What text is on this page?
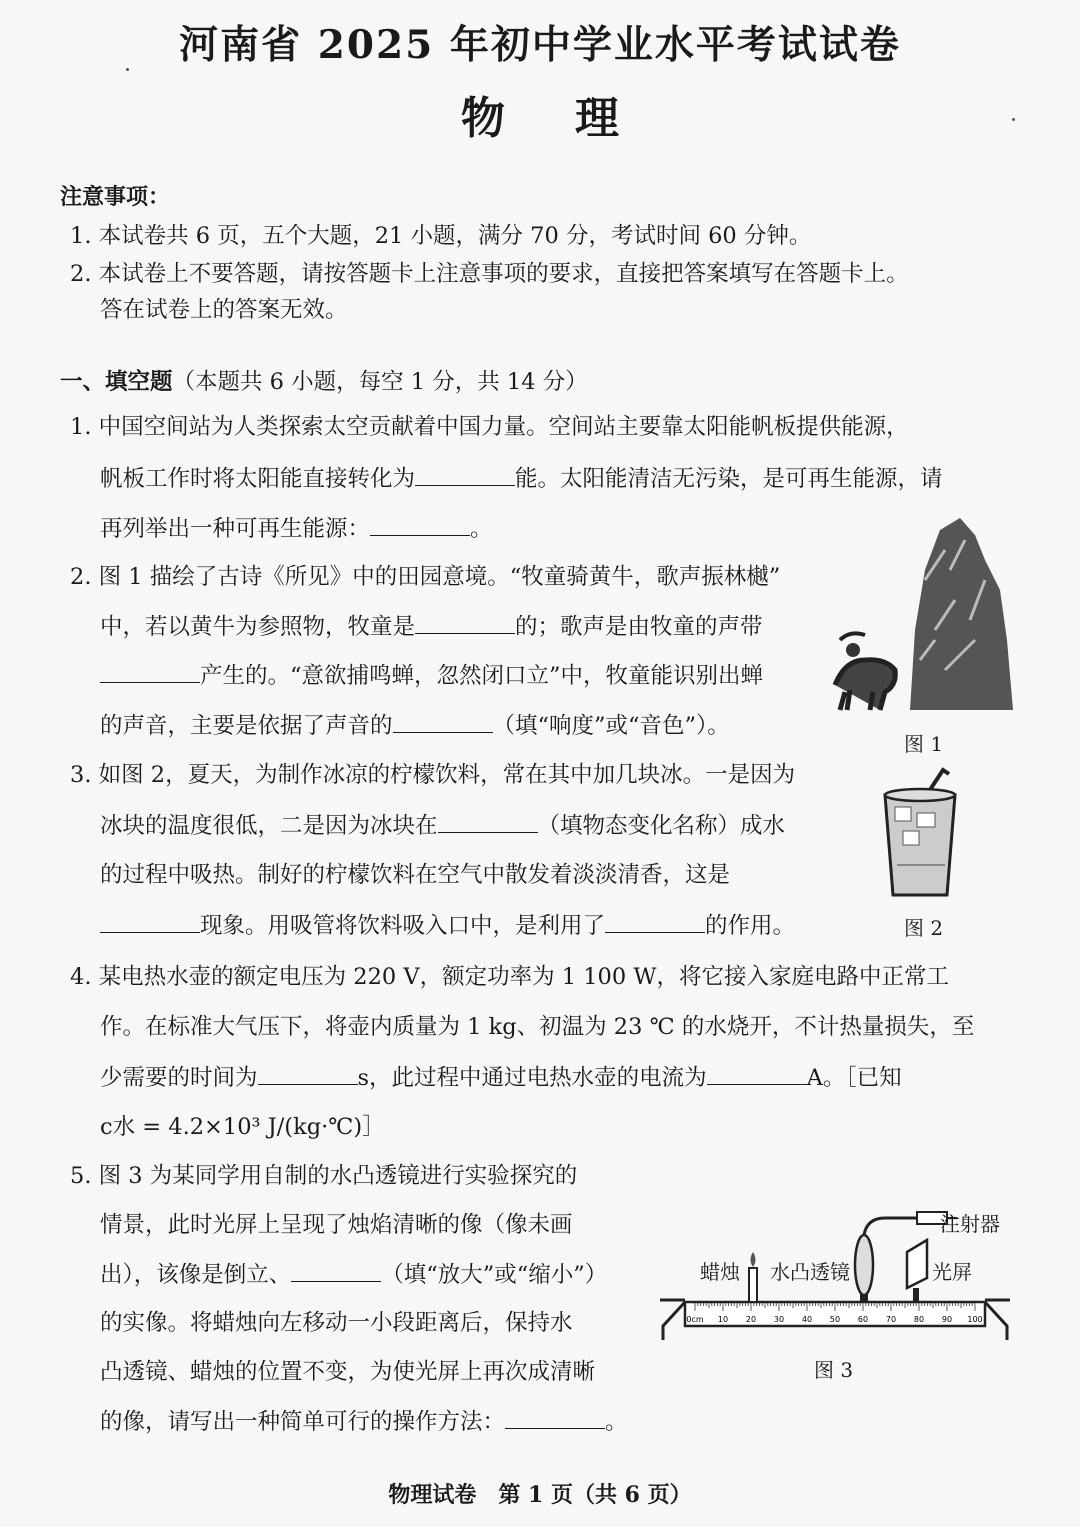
河南省 2025 年初中学业水平考试试卷
物理
注意事项：
1. 本试卷共 6 页，五个大题，21 小题，满分 70 分，考试时间 60 分钟。
2. 本试卷上不要答题，请按答题卡上注意事项的要求，直接把答案填写在答题卡上。
答在试卷上的答案无效。
一、填空题（本题共 6 小题，每空 1 分，共 14 分）
1. 中国空间站为人类探索太空贡献着中国力量。空间站主要靠太阳能帆板提供能源，
帆板工作时将太阳能直接转化为	能。太阳能清洁无污染，是可再生能源，请
再列举出一种可再生能源：	。
2. 图 1 描绘了古诗《所见》中的田园意境。“牧童骑黄牛，歌声振林樾”
中，若以黄牛为参照物，牧童是	的；歌声是由牧童的声带
产生的。“意欲捕鸣蝉，忽然闭口立”中，牧童能识别出蝉
的声音，主要是依据了声音的	（填“响度”或“音色”）。
图 1
3. 如图 2，夏天，为制作冰凉的柠檬饮料，常在其中加几块冰。一是因为
冰块的温度很低，二是因为冰块在	（填物态变化名称）成水
的过程中吸热。制好的柠檬饮料在空气中散发着淡淡清香，这是
现象。用吸管将饮料吸入口中，是利用了	的作用。	图 2
4. 某电热水壶的额定电压为 220 V，额定功率为 1 100 W，将它接入家庭电路中正常工
作。在标准大气压下，将壶内质量为 1 kg、初温为 23 ℃ 的水烧开，不计热量损失，至
少需要的时间为	s，此过程中通过电热水壶的电流为	A。［已知
c水 = 4.2×10³ J/(kg·℃)］
5. 图 3 为某同学用自制的水凸透镜进行实验探究的
情景，此时光屏上呈现了烛焰清晰的像（像未画
出），该像是倒立、	（填“放大”或“缩小”）
的实像。将蜡烛向左移动一小段距离后，保持水
凸透镜、蜡烛的位置不变，为使光屏上再次成清晰
的像，请写出一种简单可行的操作方法：	。
0cm 10 20 30 40 50 60 70 80 90 100
注射器
蜡烛 水凸透镜	光屏
图 3
物理试卷　第 1 页（共 6 页）
